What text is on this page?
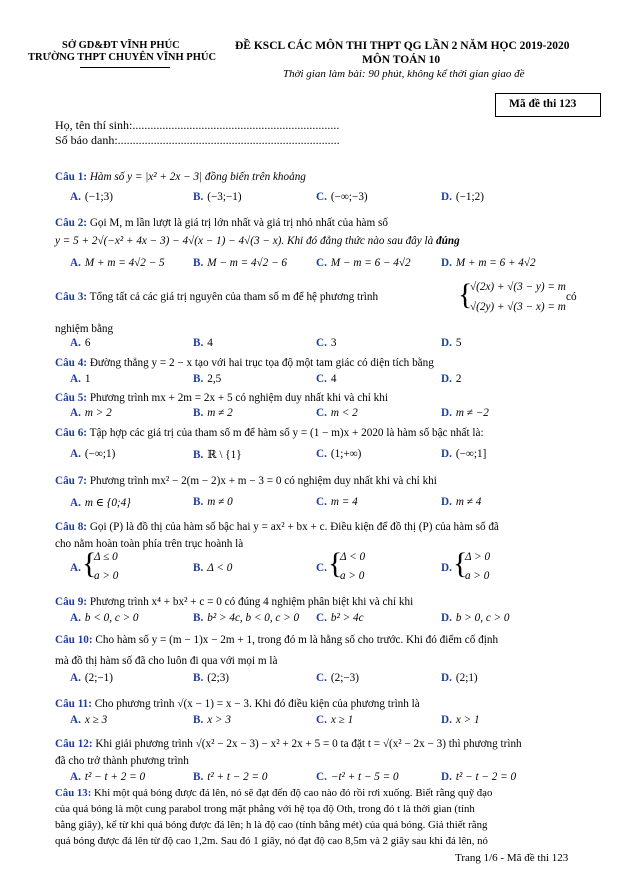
SỞ GD&ĐT VĨNH PHÚC
TRƯỜNG THPT CHUYÊN VĨNH PHÚC
ĐỀ KSCL CÁC MÔN THI THPT QG LẦN 2 NĂM HỌC 2019-2020
MÔN TOÁN 10
Thời gian làm bài: 90 phút, không kể thời gian giao đề
Mã đề thi 123
Họ, tên thí sinh:.....................................................................
Số báo danh:..........................................................................
Câu 1: Hàm số y = |x² + 2x − 3| đồng biến trên khoảng
A. (−1;3)	B. (−3;−1)	C. (−∞;−3)	D. (−1;2)
Câu 2: Gọi M, m lần lượt là giá trị lớn nhất và giá trị nhỏ nhất của hàm số
y = 5 + 2√(−x² + 4x − 3) − 4√(x − 1) − 4√(3 − x). Khi đó đẳng thức nào sau đây là đúng
A. M + m = 4√2 − 5	B. M − m = 4√2 − 6	C. M − m = 6 − 4√2	D. M + m = 6 + 4√2
Câu 3: Tổng tất cả các giá trị nguyên của tham số m để hệ phương trình	{
√(2x) + √(3 − y) = m
√(2y) + √(3 − x) = m
có
nghiệm bằng
A. 6	B. 4	C. 3	D. 5
Câu 4: Đường thẳng y = 2 − x tạo với hai trục tọa độ một tam giác có diện tích bằng
A. 1	B. 2,5	C. 4	D. 2
Câu 5: Phương trình mx + 2m = 2x + 5 có nghiệm duy nhất khi và chỉ khi
A. m > 2	B. m ≠ 2	C. m < 2	D. m ≠ −2
Câu 6: Tập hợp các giá trị của tham số m để hàm số y = (1 − m)x + 2020 là hàm số bậc nhất là:
A. (−∞;1)	B. ℝ \ {1}	C. (1;+∞)	D. (−∞;1]
Câu 7: Phương trình mx² − 2(m − 2)x + m − 3 = 0 có nghiệm duy nhất khi và chỉ khi
A. m ∈ {0;4}	B. m ≠ 0	C. m = 4	D. m ≠ 4
Câu 8: Gọi (P) là đồ thị của hàm số bậc hai y = ax² + bx + c. Điều kiện để đồ thị (P) của hàm số đã
cho nằm hoàn toàn phía trên trục hoành là
A. {
Δ ≤ 0
a > 0
B. Δ < 0	C. {
Δ < 0
a > 0
D. {
Δ > 0
a > 0
Câu 9: Phương trình x⁴ + bx² + c = 0 có đúng 4 nghiệm phân biệt khi và chỉ khi
A. b < 0, c > 0	B. b² > 4c, b < 0, c > 0 C. b² > 4c	D. b > 0, c > 0
Câu 10: Cho hàm số y = (m − 1)x − 2m + 1, trong đó m là hằng số cho trước. Khi đó điểm cố định
mà đồ thị hàm số đã cho luôn đi qua với mọi m là
A. (2;−1)	B. (2;3)	C. (2;−3)	D. (2;1)
Câu 11: Cho phương trình √(x − 1) = x − 3. Khi đó điều kiện của phương trình là
A. x ≥ 3	B. x > 3	C. x ≥ 1	D. x > 1
Câu 12: Khi giải phương trình √(x² − 2x − 3) − x² + 2x + 5 = 0 ta đặt t = √(x² − 2x − 3) thì phương trình
đã cho trở thành phương trình
A. t² − t + 2 = 0	B. t² + t − 2 = 0	C. −t² + t − 5 = 0	D. t² − t − 2 = 0
Câu 13: Khi một quả bóng được đá lên, nó sẽ đạt đến độ cao nào đó rồi rơi xuống. Biết rằng quỹ đạo
của quả bóng là một cung parabol trong mặt phẳng với hệ tọa độ Oth, trong đó t là thời gian (tính
bằng giây), kể từ khi quả bóng được đá lên; h là độ cao (tính bằng mét) của quả bóng. Giả thiết rằng
quả bóng được đá lên từ độ cao 1,2m. Sau đó 1 giây, nó đạt độ cao 8,5m và 2 giây sau khi đá lên, nó
Trang 1/6 - Mã đề thi 123
